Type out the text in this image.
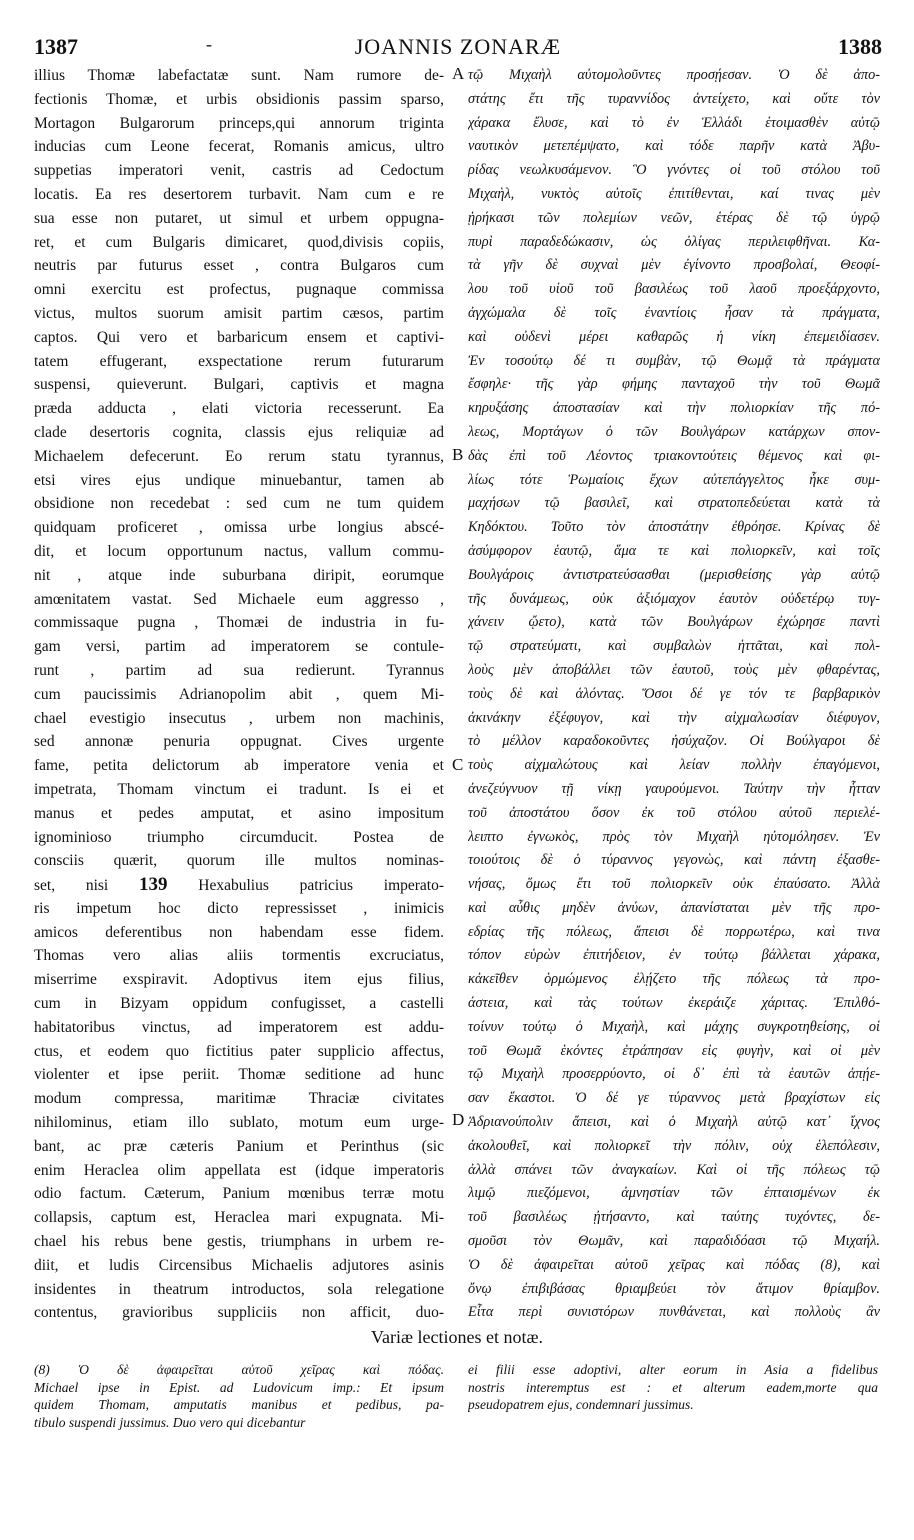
1387	-	JOANNIS ZONARÆ	1388
illius Thomæ labefactatæ sunt. Nam rumore de-
fectionis Thomæ, et urbis obsidionis passim sparso,
Mortagon Bulgarorum princeps,qui annorum triginta
inducias cum Leone fecerat, Romanis amicus, ultro
suppetias imperatori venit, castris ad Cedoctum
locatis. Ea res desertorem turbavit. Nam cum e re
sua esse non putaret, ut simul et urbem oppugna-
ret, et cum Bulgaris dimicaret, quod,divisis copiis,
neutris par futurus esset , contra Bulgaros cum
omni exercitu est profectus, pugnaque commissa
victus, multos suorum amisit partim cæsos, partim
captos. Qui vero et barbaricum ensem et captivi-
tatem effugerant, exspectatione rerum futurarum
suspensi, quieverunt. Bulgari, captivis et magna
præda adducta , elati victoria recesserunt. Ea
clade desertoris cognita, classis ejus reliquiæ ad
Michaelem defecerunt. Eo rerum statu tyrannus,
etsi vires ejus undique minuebantur, tamen ab
obsidione non recedebat : sed cum ne tum quidem
quidquam proficeret , omissa urbe longius abscé-
dit, et locum opportunum nactus, vallum commu-
nit , atque inde suburbana diripit, eorumque
amœnitatem vastat. Sed Michaele eum aggresso ,
commissaque pugna , Thomæi de industria in fu-
gam versi, partim ad imperatorem se contule-
runt , partim ad sua redierunt. Tyrannus
cum paucissimis Adrianopolim abit , quem Mi-
chael evestigio insecutus , urbem non machinis,
sed annonæ penuria oppugnat. Cives urgente
fame, petita delictorum ab imperatore venia et
impetrata, Thomam vinctum ei tradunt. Is ei et
manus et pedes amputat, et asino impositum
ignominioso triumpho circumducit. Postea de
consciis quærit, quorum ille multos nominas-
set, nisi 139 Hexabulius patricius imperato-
ris impetum hoc dicto repressisset , inimicis
amicos deferentibus non habendam esse fidem.
Thomas vero alias aliis tormentis excruciatus,
miserrime exspiravit. Adoptivus item ejus filius,
cum in Bizyam oppidum confugisset, a castelli
habitatoribus vinctus, ad imperatorem est addu-
ctus, et eodem quo fictitius pater supplicio affectus,
violenter et ipse periit. Thomæ seditione ad hunc
modum compressa, maritimæ Thraciæ civitates
nihilominus, etiam illo sublato, motum eum urge-
bant, ac præ cæteris Panium et Perinthus (sic
enim Heraclea olim appellata est (idque imperatoris
odio factum. Cæterum, Panium mœnibus terræ motu
collapsis, captum est, Heraclea mari expugnata. Mi-
chael his rebus bene gestis, triumphans in urbem re-
diit, et ludis Circensibus Michaelis adjutores asinis
insidentes in theatrum introductos, sola relegatione
contentus, gravioribus suppliciis non afficit, duo-
τῷ Μιχαὴλ αὐτομολοῦντες προσῄεσαν. Ὁ δὲ ἀπο-
στάτης ἔτι τῆς τυραννίδος ἀντείχετο, καὶ οὔτε τὸν
χάρακα ἔλυσε, καὶ τὸ ἐν Ἑλλάδι ἑτοιμασθὲν αὐτῷ
ναυτικὸν μετεπέμψατο, καὶ τόδε παρῆν κατὰ Ἀβυ-
ρίδας νεωλκυσάμενον. Ὃ γνόντες οἱ τοῦ στόλου τοῦ
Μιχαὴλ, νυκτὸς αὐτοῖς ἐπιτίθενται, καί τινας μὲν
ᾑρήκασι τῶν πολεμίων νεῶν, ἑτέρας δὲ τῷ ὑγρῷ
πυρὶ παραδεδώκασιν, ὡς ὀλίγας περιλειφθῆναι. Κα-
τὰ γῆν δὲ συχναὶ μὲν ἐγίνοντο προσβολαί, Θεοφί-
λου τοῦ υἱοῦ τοῦ βασιλέως τοῦ λαοῦ προεξάρχοντο,
ἀγχώμαλα δὲ τοῖς ἐναντίοις ἦσαν τὰ πράγματα,
καὶ οὐδενὶ μέρει καθαρῶς ἡ νίκη ἐπεμειδίασεν.
Ἐν τοσούτῳ δέ τι συμβὰν, τῷ Θωμᾷ τὰ πράγματα
ἔσφηλε· τῆς γὰρ φήμης πανταχοῦ τὴν τοῦ Θωμᾶ
κηρυξάσης ἀποστασίαν καὶ τὴν πολιορκίαν τῆς πό-
λεως, Μορτάγων ὁ τῶν Βουλγάρων κατάρχων σπον-
δὰς ἐπὶ τοῦ Λέοντος τριακοντούτεις θέμενος καὶ φι-
λίως τότε Ῥωμαίοις ἔχων αὐτεπάγγελτος ἧκε συμ-
μαχήσων τῷ βασιλεῖ, καὶ στρατοπεδεύεται κατὰ τὰ
Κηδόκτου. Τοῦτο τὸν ἀποστάτην ἐθρόησε. Κρίνας δὲ
ἀσύμφορον ἑαυτῷ, ἅμα τε καὶ πολιορκεῖν, καὶ τοῖς
Βουλγάροις ἀντιστρατεύσασθαι (μερισθείσης γὰρ αὐτῷ
τῆς δυνάμεως, οὐκ ἀξιόμαχον ἑαυτὸν οὐδετέρῳ τυγ-
χάνειν ᾤετο), κατὰ τῶν Βουλγάρων ἐχώρησε παντὶ
τῷ στρατεύματι, καὶ συμβαλὼν ἡττᾶται, καὶ πολ-
λοὺς μὲν ἀποβάλλει τῶν ἑαυτοῦ, τοὺς μὲν φθαρέντας,
τοὺς δὲ καὶ ἁλόντας. Ὅσοι δέ γε τόν τε βαρβαρικὸν
ἀκινάκην ἐξέφυγον, καὶ τὴν αἰχμαλωσίαν διέφυγον,
τὸ μέλλον καραδοκοῦντες ἡσύχαζον. Οἱ Βούλγαροι δὲ
τοὺς αἰχμαλώτους καὶ λείαν πολλὴν ἐπαγόμενοι,
ἀνεζεύγνυον τῇ νίκῃ γαυρούμενοι. Ταύτην τὴν ἧτταν
τοῦ ἀποστάτου ὅσον ἐκ τοῦ στόλου αὐτοῦ περιελέ-
λειπτο ἐγνωκὸς, πρὸς τὸν Μιχαὴλ ηὐτομόλησεν. Ἐν
τοιούτοις δὲ ὁ τύραννος γεγονὼς, καὶ πάντη ἐξασθε-
νήσας, ὅμως ἔτι τοῦ πολιορκεῖν οὐκ ἐπαύσατο. Ἀλλὰ
καὶ αὖθις μηδὲν ἀνύων, ἀπανίσταται μὲν τῆς προ-
εδρίας τῆς πόλεως, ἄπεισι δὲ πορρωτέρω, καὶ τινα
τόπον εὑρὼν ἐπιτήδειον, ἐν τούτῳ βάλλεται χάρακα,
κἀκεῖθεν ὁρμώμενος ἐλῄζετο τῆς πόλεως τὰ προ-
άστεια, καὶ τὰς τούτων ἐκεράιζε χάριτας. Ἐπιλθό-
τοίνυν τούτῳ ὁ Μιχαὴλ, καὶ μάχης συγκροτηθείσης, οἱ
τοῦ Θωμᾶ ἑκόντες ἐτράπησαν εἰς φυγὴν, καὶ οἱ μὲν
τῷ Μιχαὴλ προσερρύοντο, οἱ δ᾽ ἐπὶ τὰ ἑαυτῶν ἀπῄε-
σαν ἕκαστοι. Ὁ δέ γε τύραννος μετὰ βραχίστων εἰς
Ἀδριανούπολιν ἄπεισι, καὶ ὁ Μιχαὴλ αὐτῷ κατ᾽ ἴχνος
ἀκολουθεῖ, καὶ πολιορκεῖ τὴν πόλιν, οὐχ ἑλεπόλεσιν,
ἀλλὰ σπάνει τῶν ἀναγκαίων. Καὶ οἱ τῆς πόλεως τῷ
λιμῷ πιεζόμενοι, ἀμνηστίαν τῶν ἐπταισμένων ἐκ
τοῦ βασιλέως ᾐτήσαντο, καὶ ταύτης τυχόντες, δε-
σμοῦσι τὸν Θωμᾶν, καὶ παραδιδόασι τῷ Μιχαήλ.
Ὁ δὲ ἀφαιρεῖται αὐτοῦ χεῖρας καὶ πόδας (8), καὶ
ὄνῳ ἐπιβιβάσας θριαμβεύει τὸν ἄτιμον θρίαμβον.
Εἶτα περὶ συνιστόρων πυνθάνεται, καὶ πολλοὺς ἂν
A
B
C
D
Variæ lectiones et notæ.
(8) Ὁ δὲ ἀφαιρεῖται αὐτοῦ χεῖρας καὶ πόδας.
Michael ipse in Epist. ad Ludovicum imp.: Et ipsum
quidem Thomam, amputatis manibus et pedibus, pa-
tibulo suspendi jussimus. Duo vero qui dicebantur
ei filii esse adoptivi, alter eorum in Asia a fidelibus
nostris interemptus est : et alterum eadem,morte qua
pseudopatrem ejus, condemnari jussimus.
